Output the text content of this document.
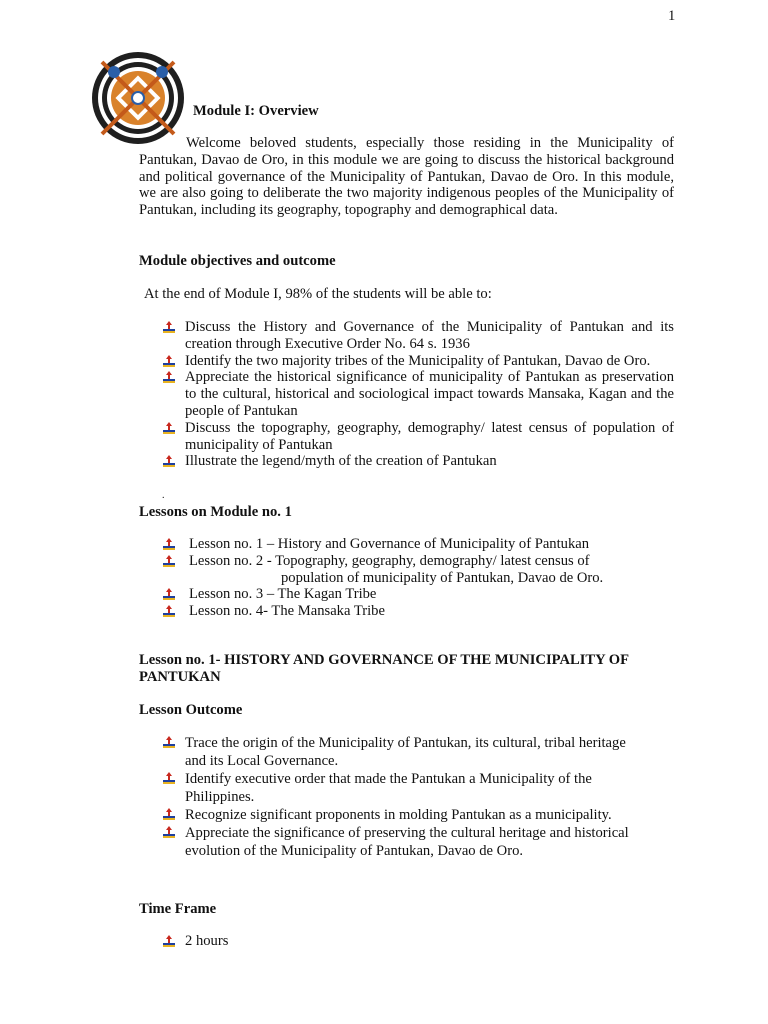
1
Module I: Overview
Welcome beloved students, especially those residing in the Municipality of Pantukan, Davao de Oro, in this module we are going to discuss the historical background and political governance of the Municipality of Pantukan, Davao de Oro. In this module, we are also going to deliberate the two majority indigenous peoples of the Municipality of Pantukan, including its geography, topography and demographical data.
Module objectives and outcome
At the end of Module I, 98% of the students will be able to:
Discuss the History and Governance of the Municipality of Pantukan and its creation through Executive Order No. 64 s. 1936
Identify the two majority tribes of the Municipality of Pantukan, Davao de Oro.
Appreciate the historical significance of municipality of Pantukan as preservation to the cultural, historical and sociological impact towards Mansaka, Kagan and the people of Pantukan
Discuss the topography, geography, demography/ latest census of population of municipality of Pantukan
Illustrate the legend/myth of the creation of Pantukan
.
Lessons on Module no. 1
Lesson no. 1 – History and Governance of Municipality of Pantukan
Lesson no. 2 - Topography, geography, demography/ latest census of
population of municipality of Pantukan, Davao de Oro.
Lesson no. 3 – The Kagan Tribe
Lesson no. 4- The Mansaka Tribe
Lesson no. 1- HISTORY AND GOVERNANCE OF THE MUNICIPALITY OF
PANTUKAN
Lesson Outcome
Trace the origin of the Municipality of Pantukan, its cultural, tribal heritage
and its Local Governance.
Identify executive order that made the Pantukan a Municipality of the
Philippines.
Recognize significant proponents in molding Pantukan as a municipality.
Appreciate the significance of preserving the cultural heritage and historical
evolution of the Municipality of Pantukan, Davao de Oro.
Time Frame
2 hours
